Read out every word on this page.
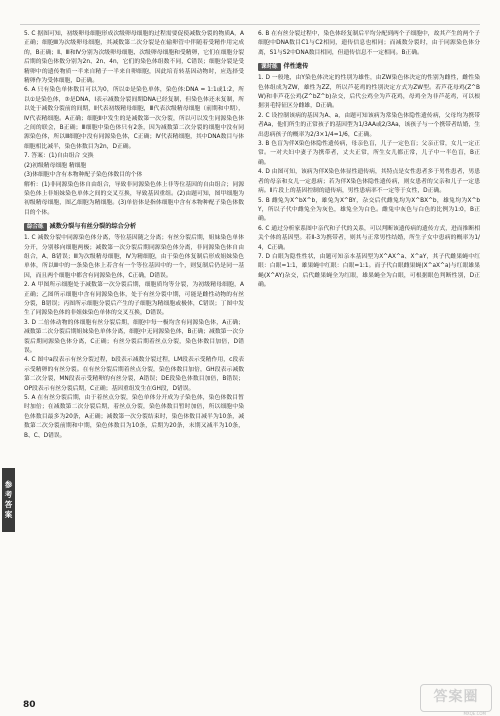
5. C 据图可知，初级卵母细胞形成次级卵母细胞的过程需要促使减数分裂的物质A，A正确；细胞Ⅲ为次级卵母细胞，其减数第二次分裂是在输卵管中伴随着受精作用完成的，B正确；Ⅱ、Ⅲ和Ⅳ分别为次级卵母细胞、次级卵母细胞和受精卵，它们在细胞分裂后期的染色体数分别为2n、2n、4n，它们的染色体组数不同，C错误；细胞分裂是受精卵中的遗传物质一半来自精子一半来自卵细胞，因此培育转基因动物时，应选择受精卵作为受体细胞，D正确。

6. A 只有染色单体数目可以为0，所以②是染色单体，染色体:DNA = 1:1或1:2，所以①是染色体，③是DNA，Ⅰ表示减数分裂间期DNA已经复制，但染色体还未复制，所以处于减数分裂前的间期，Ⅱ代表初级精母细胞，Ⅲ代表次级精母细胞（前期和中期），Ⅳ代表精细胞。A正确；细胞Ⅱ中发生的是减数第一次分裂，所以可以发生同源染色体之间的联会，B正确；Ⅲ细胞中染色体只有2条，因为减数第二次分裂的细胞中没有同源染色体，所以Ⅲ细胞中没有同源染色体，C正确；Ⅳ代表精细胞，其中DNA数目与体细胞相比减半，染色体数目为2n，D正确。

7. 答案：(1)自由组合 交换

(2)初级精母细胞 精细胞

(3)体细胞中含有本物种配子染色体数目的个体

解析：(1)非同源染色体自由组合，导致非同源染色体上非等位基因的自由组合；同源染色体上非姐妹染色单体之间的交叉互换，导致基因重组。(2)由题可知，图甲细胞为初级精母细胞，图乙细胞为精细胞。(3)单倍体是指体细胞中含有本物种配子染色体数目的个体。

综合练 减数分裂与有丝分裂的综合分析

1. C 减数分裂中同源染色体分离，等位基因随之分离；有丝分裂后期，姐妹染色单体分开，分别移向细胞两极；减数第一次分裂后期同源染色体分离，非同源染色体自由组合，A、B错误；Ⅲ为次级精母细胞，Ⅳ为精细胞，由于染色体复制后形成姐妹染色单体，所以Ⅲ中的一条染色体上若含有一个等位基因中的一个，则复制后仍是同一基因，而且两个细胞中都含有同源染色体，C正确，D错误。

2. A 甲图所示细胞处于减数第一次分裂后期，细胞质均等分裂，为初级精母细胞，A正确；乙图所示细胞中含有同源染色体，处于有丝分裂中期，可能是雌性动物的有丝分裂，B错误；丙图所示细胞分裂后产生的子细胞为精细胞或极体，C错误；丁图中发生了同源染色体的非姐妹染色单体的交叉互换，D错误。

3. D 二倍体动物的体细胞有丝分裂后期，细胞中每一极均含有同源染色体，A正确；减数第二次分裂后期姐妹染色单体分离，细胞中无同源染色体，B正确；减数第一次分裂后期同源染色体分离，C正确；有丝分裂后期着丝点分裂，染色体数目加倍，D错误。

4. C 图中a段表示有丝分裂过程，b段表示减数分裂过程，LM段表示受精作用，c段表示受精卵的有丝分裂。在有丝分裂后期着丝点分裂，染色体数目加倍，GH段表示减数第二次分裂，MN段表示受精卵的有丝分裂，A错误；DE段染色体数目加倍，B错误；OP段表示有丝分裂后期，C正确；基因重组发生在GH段，D错误。

5. A 在有丝分裂后期，由于着丝点分裂，染色单体分开成为子染色体，染色体数目暂时加倍；在减数第二次分裂后期，着丝点分裂，染色体数目暂时加倍，所以细胞中染色体数目最多为20条，A正确；减数第一次分裂结束时，染色体数目减半为10条，减数第二次分裂前期和中期，染色体数目为10条，后期为20条，末期又减半为10条，B、C、D错误。

6. B 在有丝分裂过程中，染色体经复制后平均分配到两个子细胞中，故其产生的两个子细胞中DNA数目C1与C2相同，遗传信息也相同；而减数分裂时，由于同源染色体分离，S1与S2中DNA数目相同，但遗传信息不一定相同。B正确。

课时练 伴性遗传

1. D 一般地，由Y染色体决定的性别为雄性，由ZW染色体决定的性别为雌性，雌性染色体组成为ZW，雄性为ZZ，所以芦花鸡的性别决定方式为ZW型。若芦花母鸡(Z^BW)和非芦花公鸡(Z^bZ^b)杂交，后代公鸡全为芦花鸡，母鸡全为非芦花鸡，可以根据羽毛特征区分雌雄，D正确。

2. C 设控制该病的基因为A、a，由题可知该病为常染色体隐性遗传病，父母均为携带者Aa，他们所生的正常孩子的基因型为1/3AA或2/3Aa，该孩子与一个携带者结婚，生出患病孩子的概率为2/3×1/4=1/6，C正确。

3. B 色盲为伴X染色体隐性遗传病，母亲色盲，儿子一定色盲；父亲正常，女儿一定正常。一对夫妇中妻子为携带者，丈夫正常，所生女儿都正常，儿子中一半色盲，B正确。

4. D 由图可知，该病为伴X染色体显性遗传病，其特点是女性患者多于男性患者，男患者的母亲和女儿一定患病；若为伴X染色体隐性遗传病，则女患者的父亲和儿子一定患病。Ⅱ片段上的基因控制的遗传病，男性患病率不一定等于女性，D正确。

5. B 雌兔为X^bX^b，雄兔为X^BY，杂交后代雌兔均为X^BX^b，雄兔均为X^bY，所以子代中雌兔全为灰色，雄兔全为白色。雌兔中灰色与白色的比例为1:0，B正确。

6. C 通过分析家系图中亲代和子代的关系，可以判断该遗传病的遗传方式，进而推断相关个体的基因型。若Ⅱ-3为携带者，则其与正常男性结婚，所生子女中患病的概率为1/4，C正确。

7. D 白眼为隐性性状，由题可知亲本基因型为X^AX^a、X^aY，其子代雌果蝇中红眼：白眼=1:1，雄果蝇中红眼：白眼=1:1。而子代白眼雌果蝇(X^aX^a)与红眼雄果蝇(X^AY)杂交，后代雌果蝇全为红眼，雄果蝇全为白眼，可根据眼色判断性别，D正确。

参
考
答
案
80	答案圈
MXQE.COM
